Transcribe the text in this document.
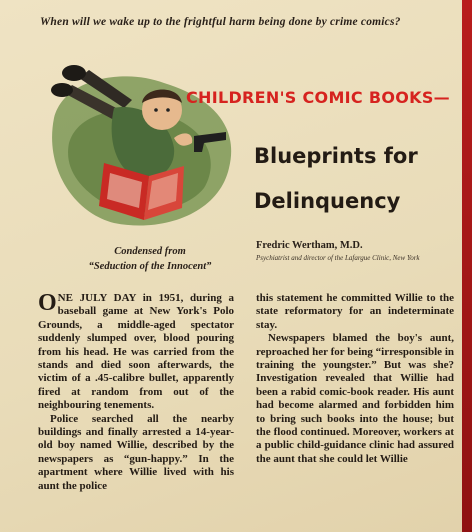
When will we wake up to the frightful harm being done by crime comics?
CHILDREN'S COMIC BOOKS—
Blueprints for
Delinquency
Condensed from
“Seduction of the Innocent”
Fredric Wertham, M.D.
Psychiatrist and director of the Lafargue Clinic, New York

ONE JULY DAY in 1951, during a baseball game at New York's Polo Grounds, a middle-aged spectator suddenly slumped over, blood pouring from his head. He was carried from the stands and died soon afterwards, the victim of a .45-calibre bullet, apparently fired at random from out of the neighbouring tenements.

Police searched all the nearby buildings and finally arrested a 14-year-old boy named Willie, described by the newspapers as “gun-happy.” In the apartment where Willie lived with his aunt the police

this statement he committed Willie to the state reformatory for an indeterminate stay.

Newspapers blamed the boy's aunt, reproached her for being “irresponsible in training the youngster.” But was she? Investigation revealed that Willie had been a rabid comic-book reader. His aunt had become alarmed and forbidden him to bring such books into the house; but the flood continued. Moreover, workers at a public child-guidance clinic had assured the aunt that she could let Willie
